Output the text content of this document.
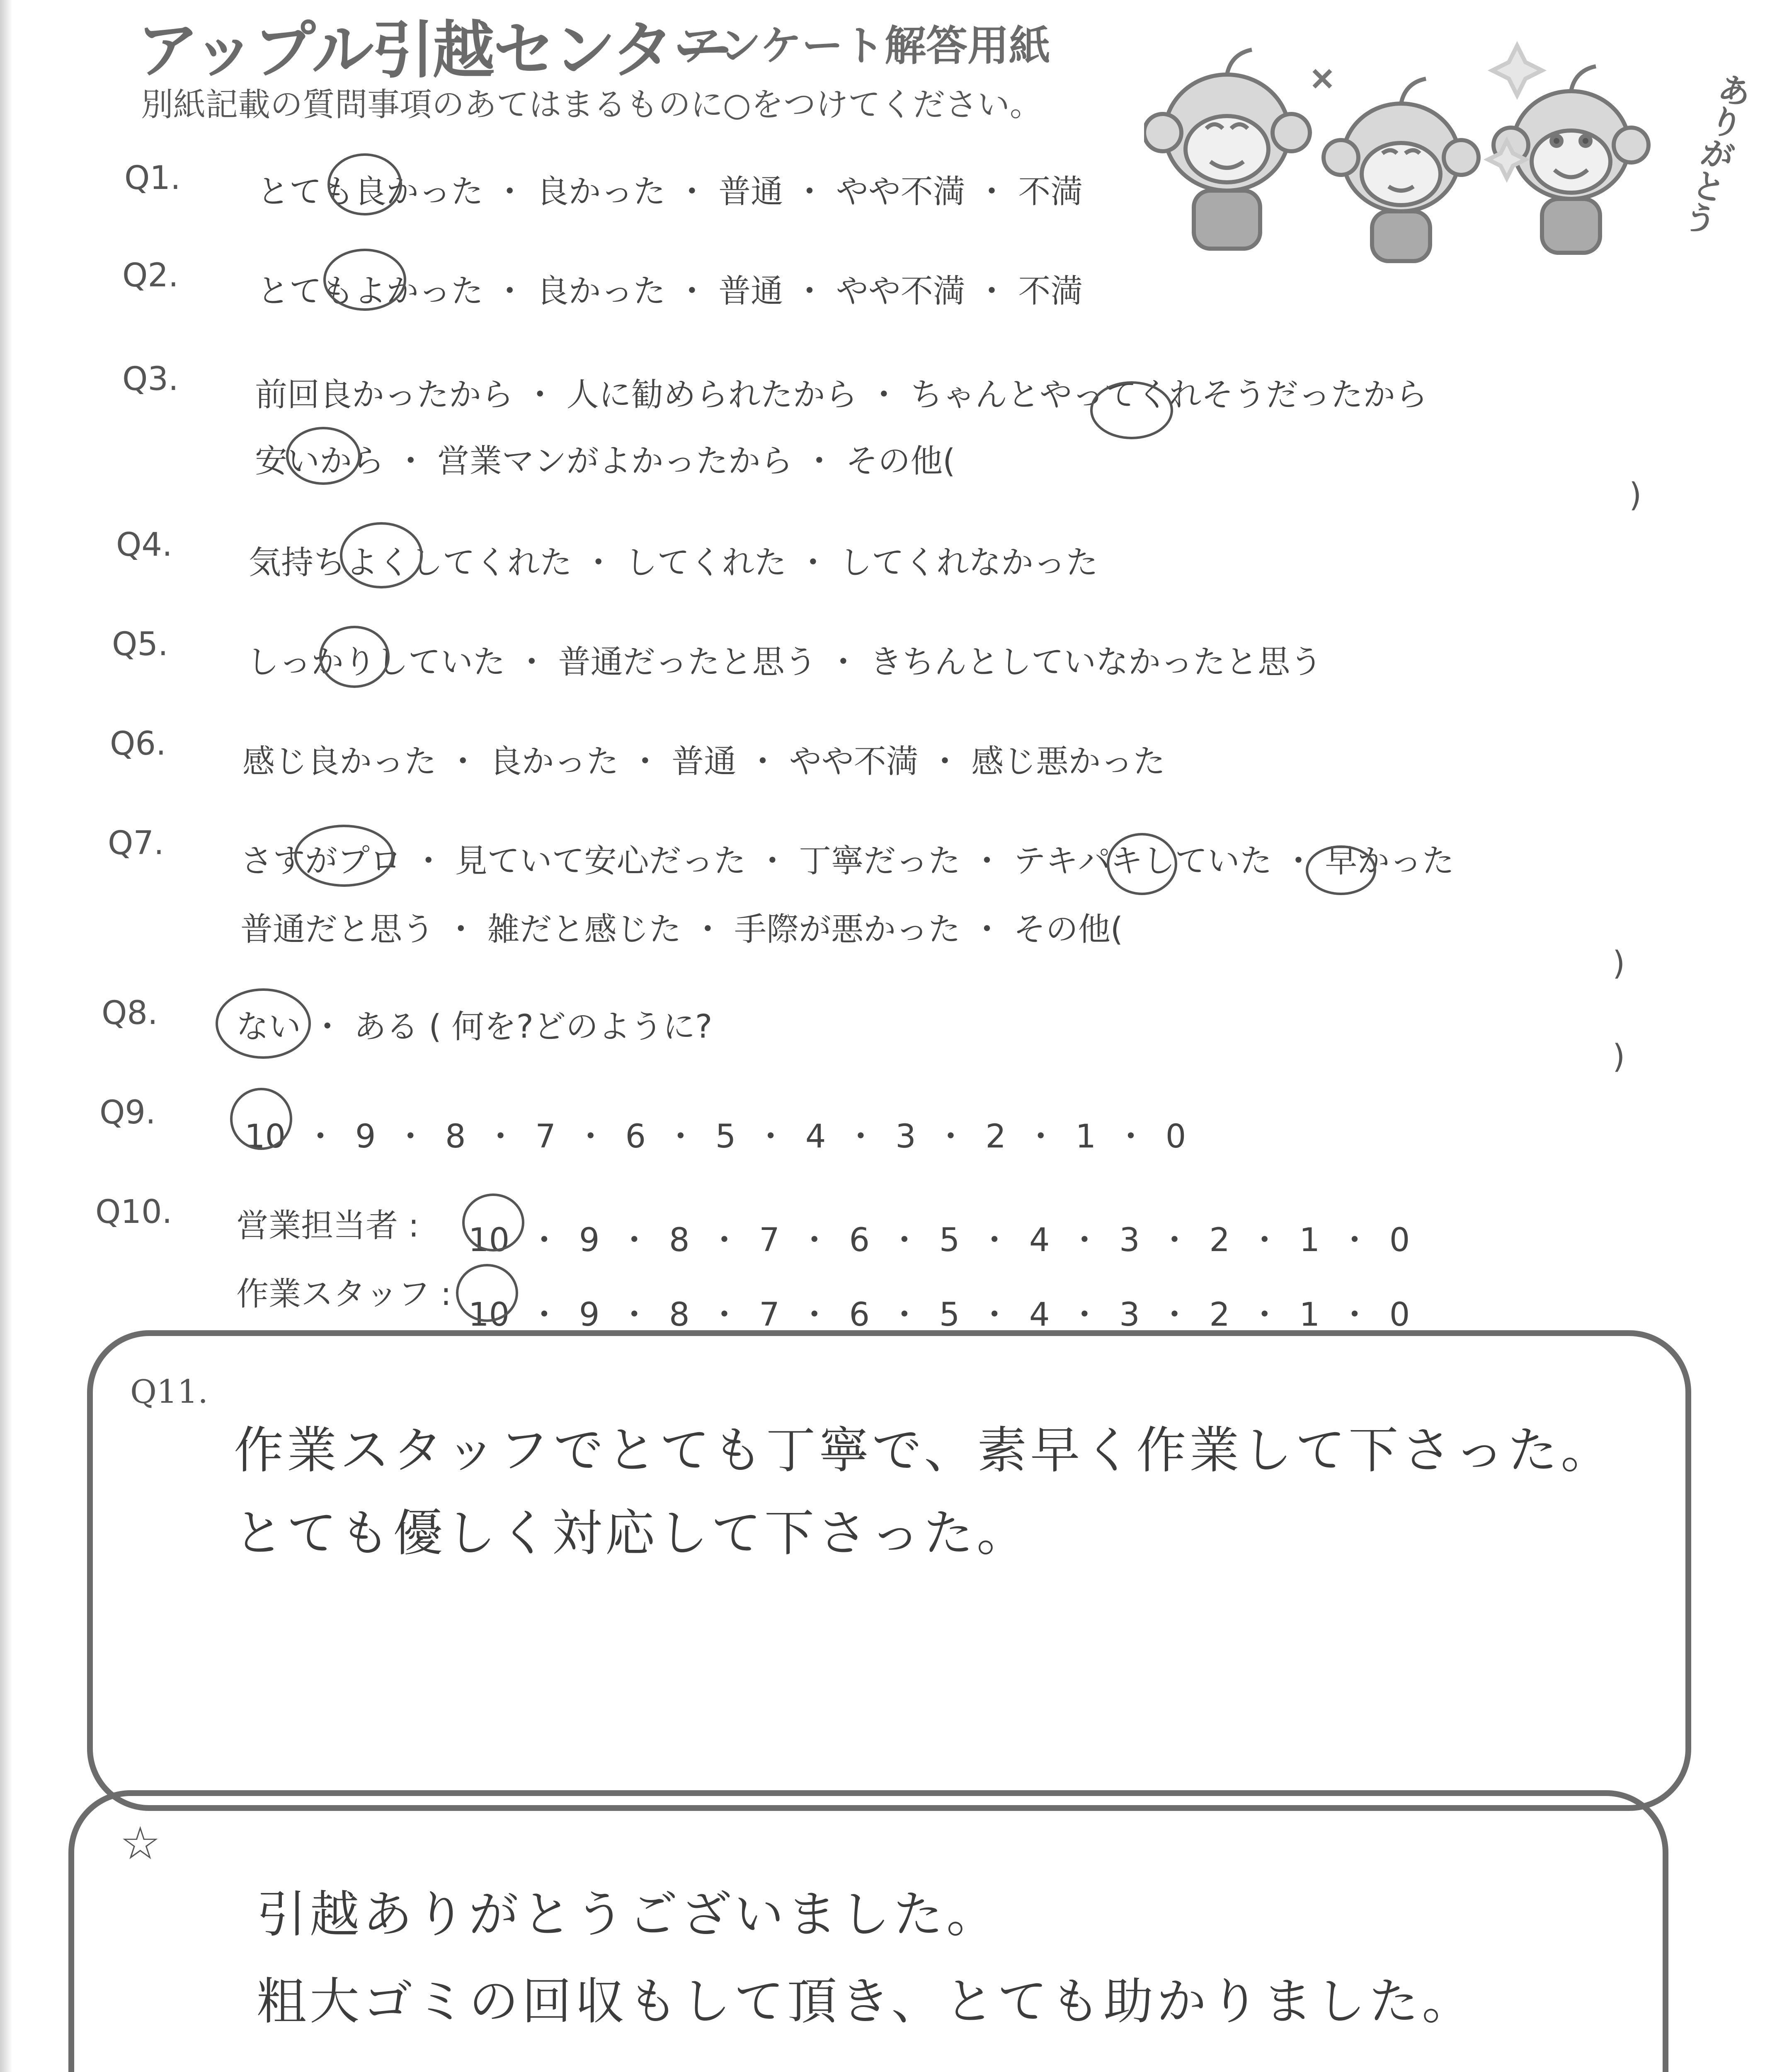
アップル引越センター
アンケート解答用紙
別紙記載の質問事項のあてはまるものに○をつけてください。	ありがとう
Q1. とても良かった ・ 良かった ・ 普通 ・ やや不満 ・ 不満
Q2. とてもよかった ・ 良かった ・ 普通 ・ やや不満 ・ 不満
Q3. 前回良かったから ・ 人に勧められたから ・ ちゃんとやってくれそうだったから
安いから ・ 営業マンがよかったから ・ その他(
)
Q4. 気持ちよくしてくれた ・ してくれた ・ してくれなかった
Q5. しっかりしていた ・ 普通だったと思う ・ きちんとしていなかったと思う
Q6. 感じ良かった ・ 良かった ・ 普通 ・ やや不満 ・ 感じ悪かった
Q7. さすがプロ ・ 見ていて安心だった ・ 丁寧だった ・ テキパキしていた ・ 早かった
普通だと思う ・ 雑だと感じた ・ 手際が悪かった ・ その他(
)
Q8. ない ・ ある ( 何を?どのように?
)
Q9.
10 ・ 9 ・ 8 ・ 7 ・ 6 ・ 5 ・ 4 ・ 3 ・ 2 ・ 1 ・ 0
Q10. 営業担当者 : 10 ・ 9 ・ 8 ・ 7 ・ 6 ・ 5 ・ 4 ・ 3 ・ 2 ・ 1 ・ 0
作業スタッフ :
10 ・ 9 ・ 8 ・ 7 ・ 6 ・ 5 ・ 4 ・ 3 ・ 2 ・ 1 ・ 0
Q11.
作業スタッフでとても丁寧で、素早く作業して下さった。
とても優しく対応して下さった。
☆
引越ありがとうございました。
粗大ゴミの回収もして頂き、とても助かりました。
